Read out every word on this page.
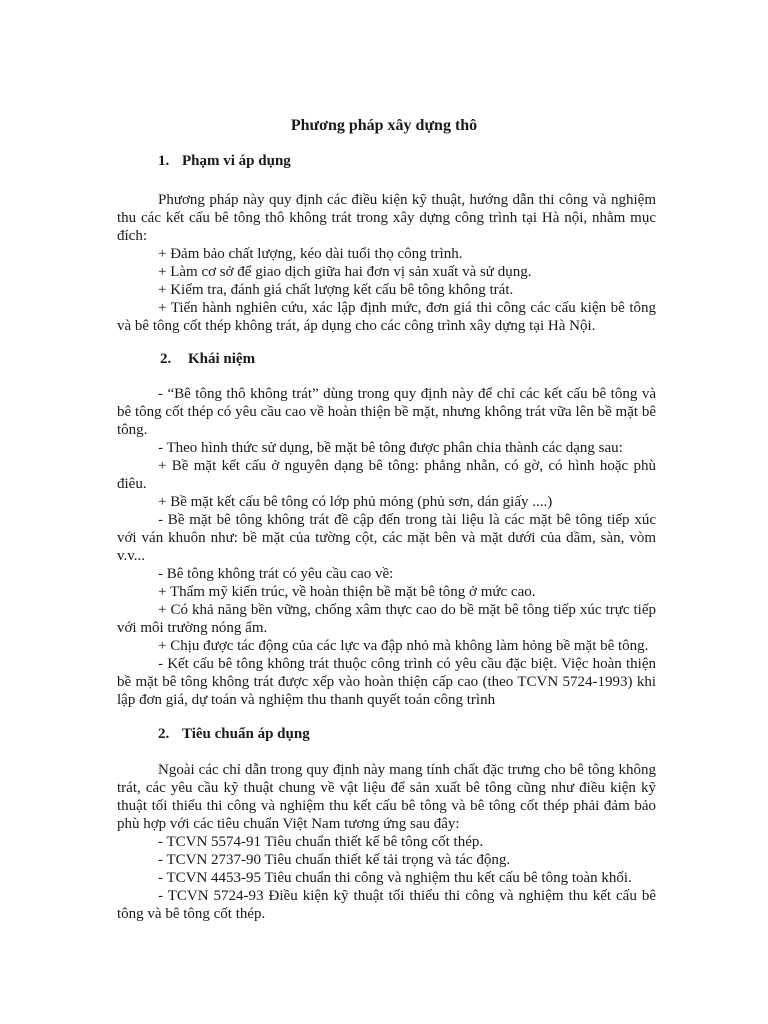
Phương pháp xây dựng thô
1. Phạm vi áp dụng

Phương pháp này quy định các điều kiện kỹ thuật, hướng dẫn thi công và nghiệm thu các kết cấu bê tông thô không trát trong xây dựng công trình tại Hà nội, nhằm mục đích:

+ Đảm bảo chất lượng, kéo dài tuổi thọ công trình.

+ Làm cơ sở để giao dịch giữa hai đơn vị sản xuất và sử dụng.

+ Kiểm tra, đánh giá chất lượng kết cấu bê tông không trát.

+ Tiến hành nghiên cứu, xác lập định mức, đơn giá thi công các cấu kiện bê tông và bê tông cốt thép không trát, áp dụng cho các công trình xây dựng tại Hà Nội.

2. Khái niệm

- “Bê tông thô không trát” dùng trong quy định này để chỉ các kết cấu bê tông và bê tông cốt thép có yêu cầu cao về hoàn thiện bề mặt, nhưng không trát vữa lên bề mặt bê tông.

- Theo hình thức sử dụng, bề mặt bê tông được phân chia thành các dạng sau:

+ Bề mặt kết cấu ở nguyên dạng bê tông: phẳng nhẵn, có gờ, có hình hoặc phù điêu.

+ Bề mặt kết cấu bê tông có lớp phủ mỏng (phủ sơn, dán giấy ....)

- Bề mặt bê tông không trát đề cập đến trong tài liệu là các mặt bê tông tiếp xúc với ván khuôn như: bề mặt của tường cột, các mặt bên và mặt dưới của dầm, sàn, vòm v.v...

- Bê tông không trát có yêu cầu cao về:

+ Thẩm mỹ kiến trúc, về hoàn thiện bề mặt bê tông ở mức cao.

+ Có khả năng bền vững, chống xâm thực cao do bề mặt bê tông tiếp xúc trực tiếp với môi trường nóng ẩm.

+ Chịu được tác động của các lực va đập nhỏ mà không làm hỏng bề mặt bê tông.

- Kết cấu bê tông không trát thuộc công trình có yêu cầu đặc biệt. Việc hoàn thiện bề mặt bê tông không trát được xếp vào hoàn thiện cấp cao (theo TCVN 5724-1993) khi lập đơn giá, dự toán và nghiệm thu thanh quyết toán công trình

2. Tiêu chuẩn áp dụng

Ngoài các chỉ dẫn trong quy định này mang tính chất đặc trưng cho bê tông không trát, các yêu cầu kỹ thuật chung về vật liệu để sản xuất bê tông cũng như điều kiện kỹ thuật tối thiểu thi công và nghiệm thu kết cấu bê tông và bê tông cốt thép phải đảm bảo phù hợp với các tiêu chuẩn Việt Nam tương ứng sau đây:

- TCVN 5574-91 Tiêu chuẩn thiết kế bê tông cốt thép.

- TCVN 2737-90 Tiêu chuẩn thiết kế tải trọng và tác động.

- TCVN 4453-95 Tiêu chuẩn thi công và nghiệm thu kết cấu bê tông toàn khối.

- TCVN 5724-93 Điều kiện kỹ thuật tối thiểu thi công và nghiệm thu kết cấu bê tông và bê tông cốt thép.
